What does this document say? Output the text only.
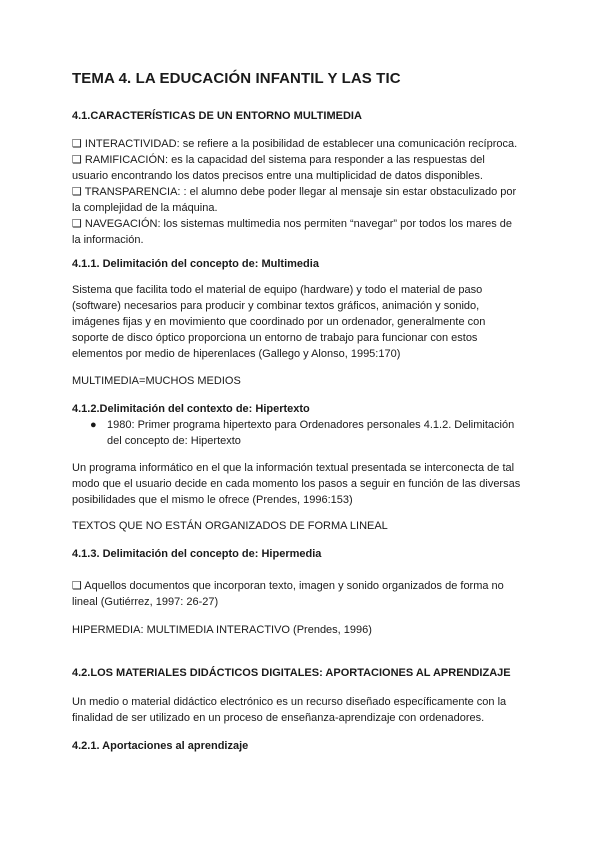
TEMA 4. LA EDUCACIÓN INFANTIL Y LAS TIC
4.1.CARACTERÍSTICAS DE UN ENTORNO MULTIMEDIA
❑ INTERACTIVIDAD: se refiere a la posibilidad de establecer una comunicación recíproca.
❑ RAMIFICACIÓN: es la capacidad del sistema para responder a las respuestas del
usuario encontrando los datos precisos entre una multiplicidad de datos disponibles.
❑ TRANSPARENCIA: : el alumno debe poder llegar al mensaje sin estar obstaculizado por
la complejidad de la máquina.
❑ NAVEGACIÓN: los sistemas multimedia nos permiten “navegar” por todos los mares de
la información.
4.1.1. Delimitación del concepto de: Multimedia
Sistema que facilita todo el material de equipo (hardware) y todo el material de paso
(software) necesarios para producir y combinar textos gráficos, animación y sonido,
imágenes fijas y en movimiento que coordinado por un ordenador, generalmente con
soporte de disco óptico proporciona un entorno de trabajo para funcionar con estos
elementos por medio de hiperenlaces (Gallego y Alonso, 1995:170)
MULTIMEDIA=MUCHOS MEDIOS
4.1.2.Delimitación del contexto de: Hipertexto
● 1980: Primer programa hipertexto para Ordenadores personales 4.1.2. Delimitación
del concepto de: Hipertexto
Un programa informático en el que la información textual presentada se interconecta de tal
modo que el usuario decide en cada momento los pasos a seguir en función de las diversas
posibilidades que el mismo le ofrece (Prendes, 1996:153)
TEXTOS QUE NO ESTÁN ORGANIZADOS DE FORMA LINEAL
4.1.3. Delimitación del concepto de: Hipermedia
❑ Aquellos documentos que incorporan texto, imagen y sonido organizados de forma no
lineal (Gutiérrez, 1997: 26-27)
HIPERMEDIA: MULTIMEDIA INTERACTIVO (Prendes, 1996)
4.2.LOS MATERIALES DIDÁCTICOS DIGITALES: APORTACIONES AL APRENDIZAJE
Un medio o material didáctico electrónico es un recurso diseñado específicamente con la
finalidad de ser utilizado en un proceso de enseñanza-aprendizaje con ordenadores.
4.2.1. Aportaciones al aprendizaje
